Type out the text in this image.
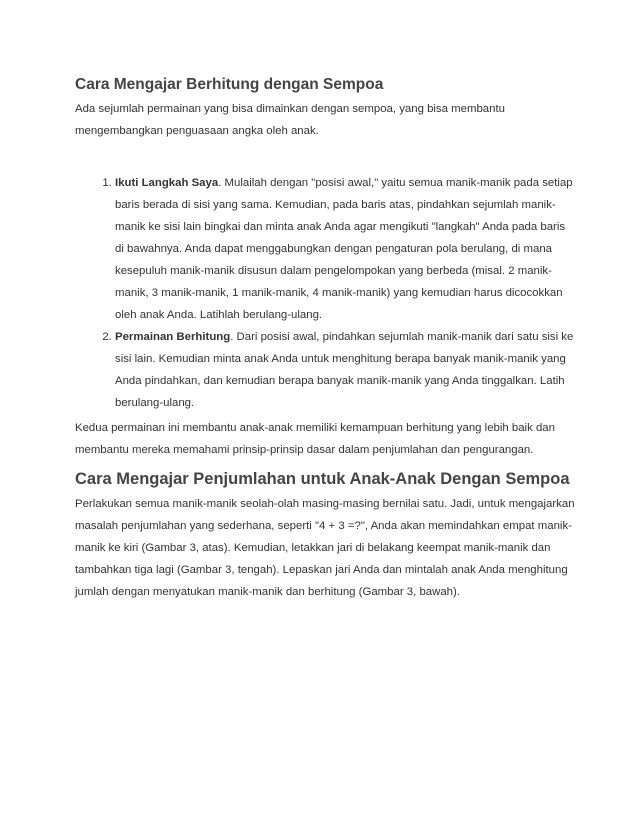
Cara Mengajar Berhitung dengan Sempoa

Ada sejumlah permainan yang bisa dimainkan dengan sempoa, yang bisa membantu mengembangkan penguasaan angka oleh anak.

1. Ikuti Langkah Saya. Mulailah dengan "posisi awal," yaitu semua manik-manik pada setiap baris berada di sisi yang sama. Kemudian, pada baris atas, pindahkan sejumlah manik-manik ke sisi lain bingkai dan minta anak Anda agar mengikuti "langkah" Anda pada baris di bawahnya. Anda dapat menggabungkan dengan pengaturan pola berulang, di mana kesepuluh manik-manik disusun dalam pengelompokan yang berbeda (misal. 2 manik-manik, 3 manik-manik, 1 manik-manik, 4 manik-manik) yang kemudian harus dicocokkan oleh anak Anda. Latihlah berulang-ulang.
2. Permainan Berhitung. Dari posisi awal, pindahkan sejumlah manik-manik dari satu sisi ke sisi lain. Kemudian minta anak Anda untuk menghitung berapa banyak manik-manik yang Anda pindahkan, dan kemudian berapa banyak manik-manik yang Anda tinggalkan. Latih berulang-ulang.

Kedua permainan ini membantu anak-anak memiliki kemampuan berhitung yang lebih baik dan membantu mereka memahami prinsip-prinsip dasar dalam penjumlahan dan pengurangan.

Cara Mengajar Penjumlahan untuk Anak-Anak Dengan Sempoa

Perlakukan semua manik-manik seolah-olah masing-masing bernilai satu. Jadi, untuk mengajarkan masalah penjumlahan yang sederhana, seperti "4 + 3 =?", Anda akan memindahkan empat manik-manik ke kiri (Gambar 3, atas). Kemudian, letakkan jari di belakang keempat manik-manik dan tambahkan tiga lagi (Gambar 3, tengah). Lepaskan jari Anda dan mintalah anak Anda menghitung jumlah dengan menyatukan manik-manik dan berhitung (Gambar 3, bawah).
